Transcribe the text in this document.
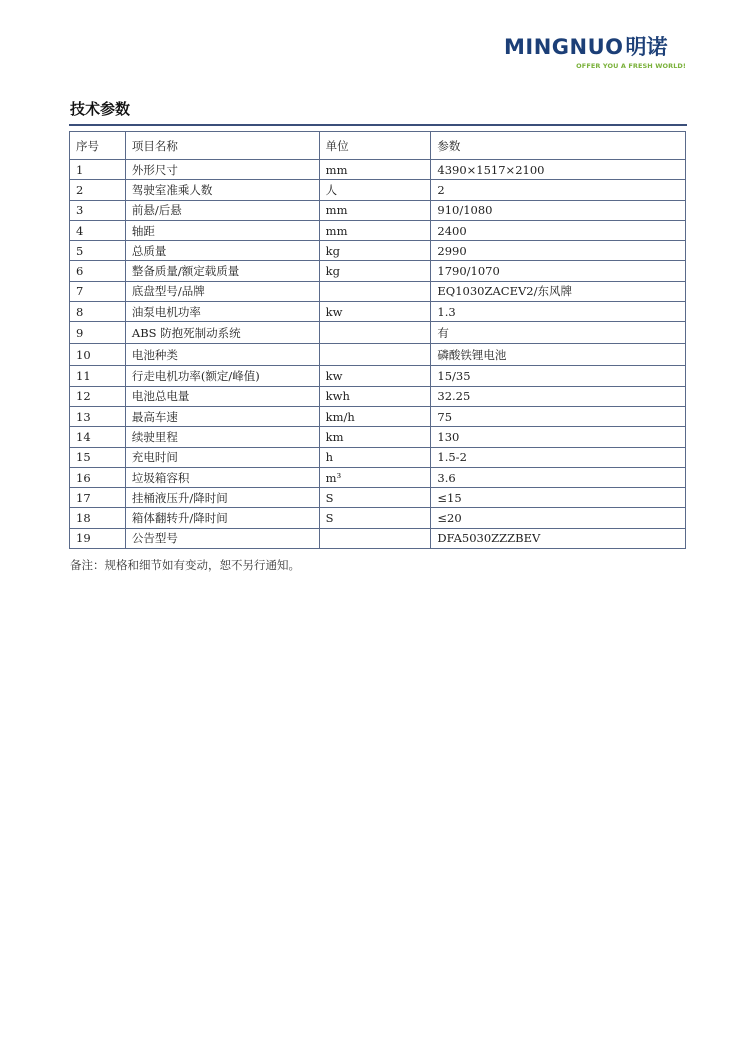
MINGNUO 明诺
OFFER YOU A FRESH WORLD!
技术参数
序号	项目名称	单位	参数
1	外形尺寸	mm	4390×1517×2100
2	驾驶室准乘人数	人	2
3	前悬/后悬	mm	910/1080
4	轴距	mm	2400
5	总质量	kg	2990
6	整备质量/额定载质量	kg	1790/1070
7	底盘型号/品牌		EQ1030ZACEV2/东风牌
8	油泵电机功率	kw	1.3
9	ABS 防抱死制动系统		有
10	电池种类		磷酸铁锂电池
11	行走电机功率(额定/峰值)	kw	15/35
12	电池总电量	kwh	32.25
13	最高车速	km/h	75
14	续驶里程	km	130
15	充电时间	h	1.5-2
16	垃圾箱容积	m³	3.6
17	挂桶液压升/降时间	S	≤15
18	箱体翻转升/降时间	S	≤20
19	公告型号		DFA5030ZZZBEV
备注：规格和细节如有变动，恕不另行通知。
